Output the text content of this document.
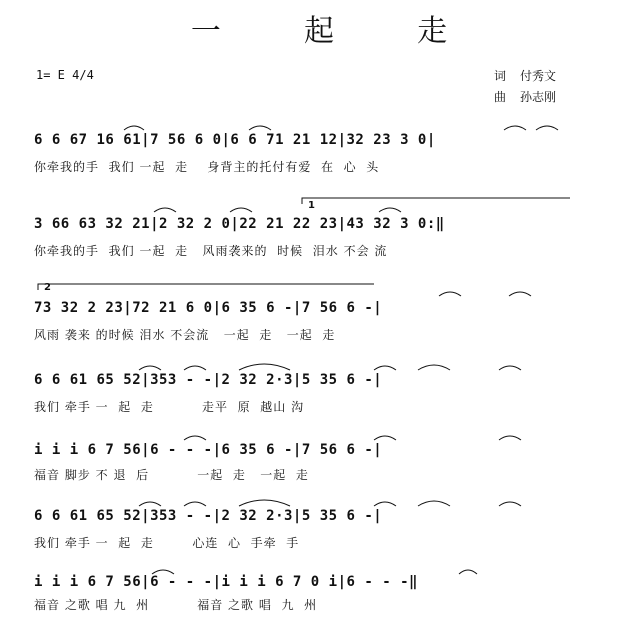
一	起	走
1= E 4/4	词 付秀文
曲 孙志刚
6 6 67 16 61|7 56 6 0|6 6 71 21 12|32 23 3 0|
你牵我的手  我们 一起  走    身背主的托付有爱  在  心  头
1
3 66 63 32 21|2 32 2 0|22 21 22 23|43 32 3 0:‖
你牵我的手  我们 一起  走   风雨袭来的  时候  泪水 不会 流
2
73 32 2 23|72 21 6 0|6 35 6 -|7 56 6 -|
风雨 袭来 的时候 泪水 不会流   一起  走   一起  走
6 6 61 65 52|353 - -|2 32 2·3|5 35 6 -|
我们 牵手 一  起  走          走平  原  越山 沟
i i i 6 7 56|6 - - -|6 35 6 -|7 56 6 -|
福音 脚步 不 退  后          一起  走   一起  走
6 6 61 65 52|353 - -|2 32 2·3|5 35 6 -|
我们 牵手 一  起  走        心连  心  手牵  手
i i i 6 7 56|6 - - -|i i i 6 7 0 i|6 - - -‖
福音 之歌 唱 九  州          福音 之歌 唱  九  州
